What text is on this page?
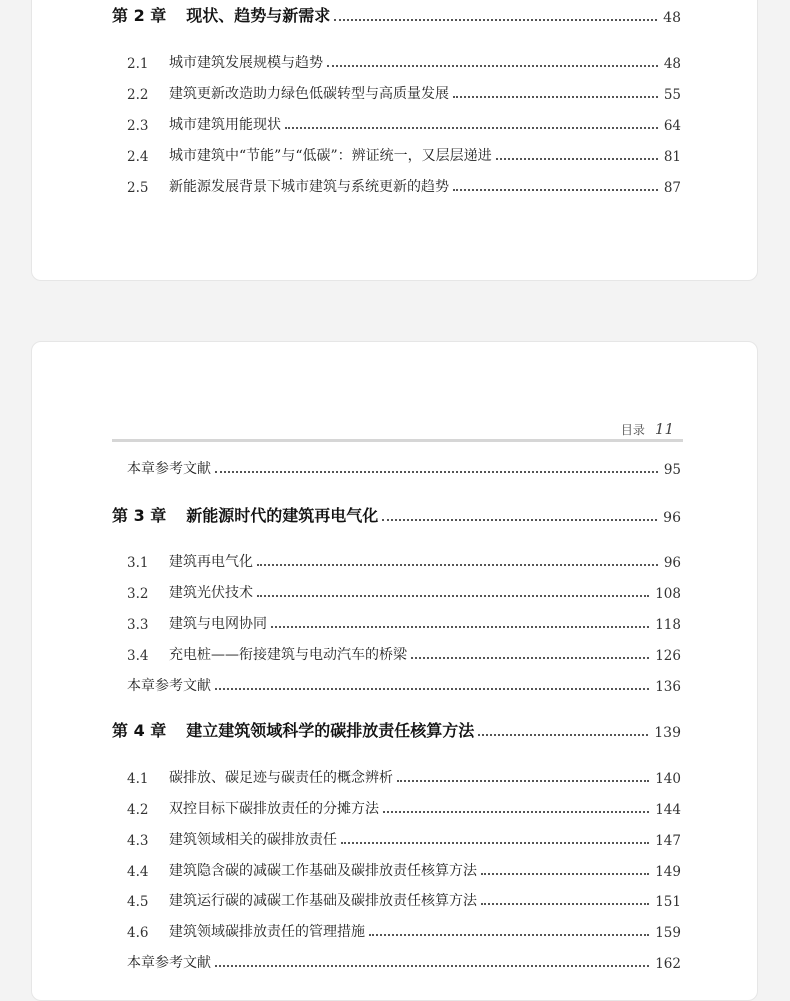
第 2 章 现状、趋势与新需求	48
2.1	城市建筑发展规模与趋势	48
2.2	建筑更新改造助力绿色低碳转型与高质量发展	55
2.3	城市建筑用能现状	64
2.4	城市建筑中“节能”与“低碳”：辨证统一，又层层递进	81
2.5	新能源发展背景下城市建筑与系统更新的趋势	87
目录 11
本章参考文献	95
第 3 章 新能源时代的建筑再电气化	96
3.1	建筑再电气化	96
3.2	建筑光伏技术	108
3.3	建筑与电网协同	118
3.4	充电桩——衔接建筑与电动汽车的桥梁	126
本章参考文献	136
第 4 章 建立建筑领域科学的碳排放责任核算方法	139
4.1	碳排放、碳足迹与碳责任的概念辨析	140
4.2	双控目标下碳排放责任的分摊方法	144
4.3	建筑领域相关的碳排放责任	147
4.4	建筑隐含碳的减碳工作基础及碳排放责任核算方法	149
4.5	建筑运行碳的减碳工作基础及碳排放责任核算方法	151
4.6	建筑领域碳排放责任的管理措施	159
本章参考文献	162
